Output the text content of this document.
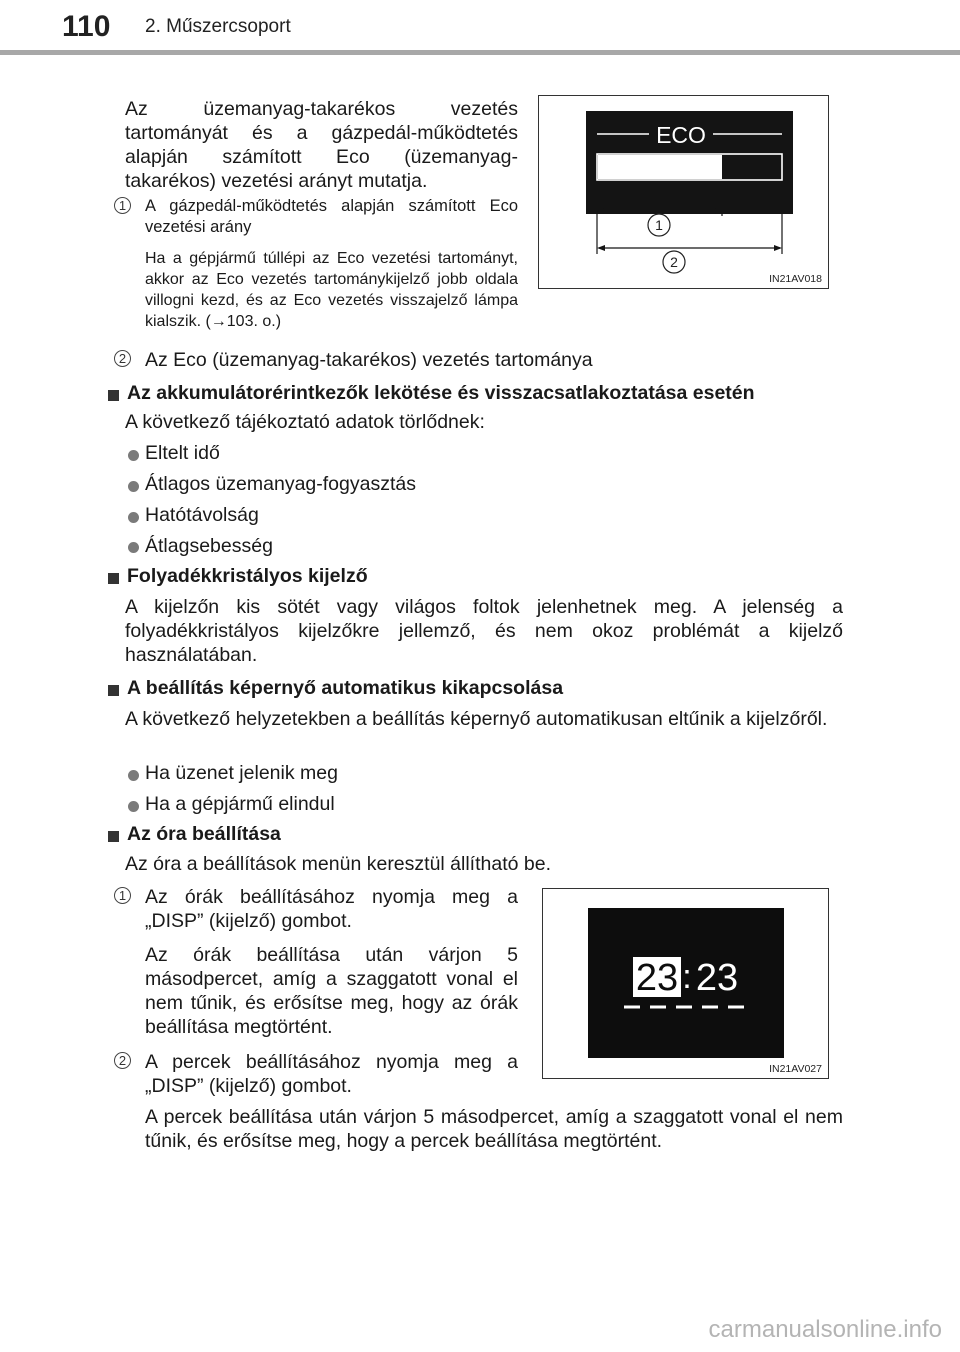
110 2. Műszercsoport
Az üzemanyag-takarékos vezetés tartományát és a gázpedál-működtetés alapján számított Eco (üzemanyag-takarékos) vezetési arányt mutatja.
1 A gázpedál-működtetés alapján számított Eco vezetési arány
Ha a gépjármű túllépi az Eco vezetési tartományt, akkor az Eco vezetés tartománykijelző jobb oldala villogni kezd, és az Eco vezetés visszajelző lámpa kialszik. (→103. o.)
ECO
1
2
IN21AV018
2 Az Eco (üzemanyag-takarékos) vezetés tartománya
Az akkumulátorérintkezők lekötése és visszacsatlakoztatása esetén
A következő tájékoztató adatok törlődnek:
Eltelt idő
Átlagos üzemanyag-fogyasztás
Hatótávolság
Átlagsebesség
Folyadékkristályos kijelző
A kijelzőn kis sötét vagy világos foltok jelenhetnek meg. A jelenség a folyadékkristályos kijelzőkre jellemző, és nem okoz problémát a kijelző használatában.
A beállítás képernyő automatikus kikapcsolása
A következő helyzetekben a beállítás képernyő automatikusan eltűnik a kijelzőről.
Ha üzenet jelenik meg
Ha a gépjármű elindul
Az óra beállítása
Az óra a beállítások menün keresztül állítható be.
1 Az órák beállításához nyomja meg a „DISP” (kijelző) gombot.
Az órák beállítása után várjon 5 másodpercet, amíg a szaggatott vonal el nem tűnik, és erősítse meg, hogy az órák beállítása megtörtént.
2 A percek beállításához nyomja meg a „DISP” (kijelző) gombot.
A percek beállítása után várjon 5 másodpercet, amíg a szaggatott vonal el nem tűnik, és erősítse meg, hogy a percek beállítása megtörtént.
23 : 23
IN21AV027
carmanualsonline.info
